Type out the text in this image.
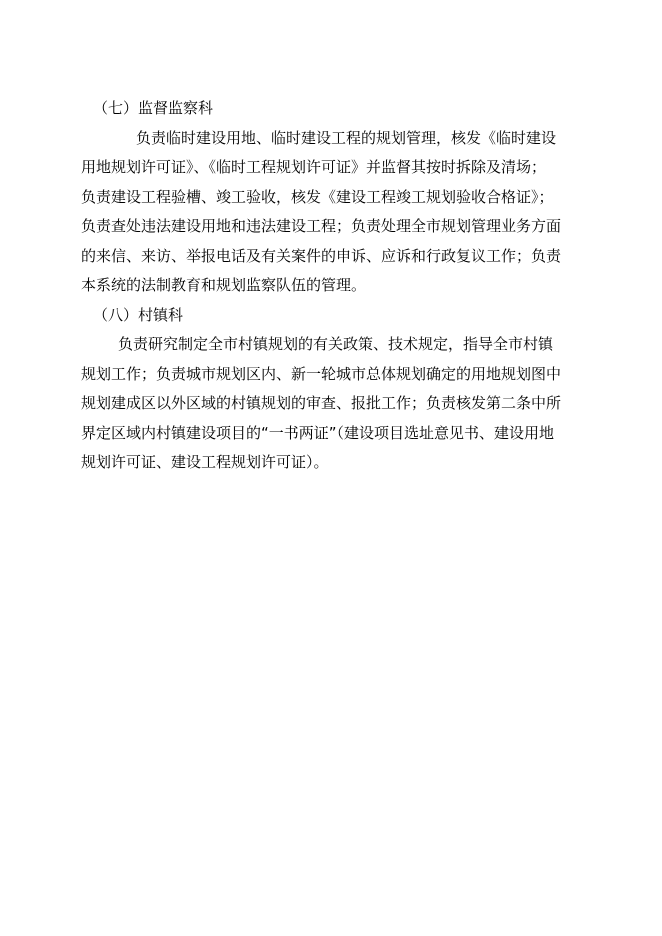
（七）监督监察科
负责临时建设用地、临时建设工程的规划管理，核发《临时建设
用地规划许可证》、《临时工程规划许可证》并监督其按时拆除及清场；
负责建设工程验槽、竣工验收，核发《建设工程竣工规划验收合格证》；
负责查处违法建设用地和违法建设工程；负责处理全市规划管理业务方面
的来信、来访、举报电话及有关案件的申诉、应诉和行政复议工作；负责
本系统的法制教育和规划监察队伍的管理。
（八）村镇科
负责研究制定全市村镇规划的有关政策、技术规定，指导全市村镇
规划工作；负责城市规划区内、新一轮城市总体规划确定的用地规划图中
规划建成区以外区域的村镇规划的审查、报批工作；负责核发第二条中所
界定区域内村镇建设项目的“一书两证”（建设项目选址意见书、建设用地
规划许可证、建设工程规划许可证）。
